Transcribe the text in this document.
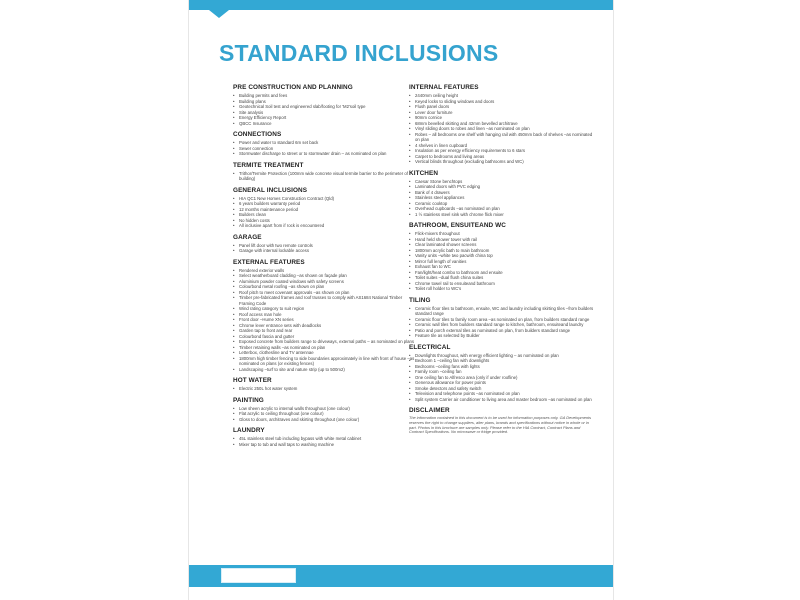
STANDARD INCLUSIONS
PRE CONSTRUCTION AND PLANNING
• Building permits and fees
• Building plans
• Geotechnical Soil test and engineered slab/footing for 'M2'soil type
• Site analysis
• Energy Efficiency Report
• QBCC Insurance
CONNECTIONS
• Power and water to standard 6m set back
• Sewer connection
• Stormwater discharge to street or to stormwater drain – as nominated on plan
TERMITE TREATMENT
• Trithor/Termite Protection (100mm wide concrete visual termite barrier to the perimeter of building)
GENERAL INCLUSIONS
• HIA QC1 New Homes Construction Contract (Qld)
• 6 years builders warranty period
• 12 months maintenance period
• Builders clean
• No hidden costs
• All inclusive apart from if rock is encountered
GARAGE
• Panel lift door with two remote controls
• Garage with internal lockable access
EXTERNAL FEATURES
• Rendered exterior walls
• Select weatherboard cladding –as shown on façade plan
• Aluminium powder coated windows with safety screens
• Colourbond metal roofing –as shown on plan
• Roof pitch to meet covenant approvals –as shown on plan
• Timber pre-fabricated frames and roof trusses to comply with AS1684 National Timber Framing Code
• Wind rating category to suit region
• Roof access man hole
• Front door –Hume XN series
• Chrome lever entrance sets with deadlocks
• Garden tap to front and rear
• Colourbond fascia and gutter
• Exposed concrete from builders range to driveways, external paths – as nominated on plans
• Timber retaining walls –as nominated on plan
• Letterbox, clothesline and TV antennae
• 1800mm high timber fencing to side boundaries approximately in line with front of house –as nominated on plans (or existing fences)
• Landscaping –turf to site and nature strip (up to 500m2)
HOT WATER
• Electric 250L hot water system
PAINTING
• Low sheen acrylic to internal walls throughout (one colour)
• Flat acrylic to ceiling throughout (one colour)
• Gloss to doors, architraves and skirting throughout (one colour)
LAUNDRY
• 45L stainless steel tub including bypass with white metal cabinet
• Mixer tap to tub and wall taps to washing machine
INTERNAL FEATURES
• 2440mm ceiling height
• Keyed locks to sliding windows and doors
• Flush panel doors
• Lever door furniture
• 90mm cornice
• 68mm bevelled skirting and 42mm bevelled architrave
• Vinyl sliding doors to robes and linen –as nominated on plan
• Robes – all bedrooms one shelf with hanging rail with 450mm back of shelves –as nominated on plan
• 4 shelves in linen cupboard
• Insulation as per energy efficiency requirements to 6 stars
• Carpet to bedrooms and living areas
• Vertical blinds throughout (excluding bathrooms and WC)
KITCHEN
• Caesar Stone benchtops
• Laminated doors with PVC edging
• Bank of 4 drawers
• Stainless steel appliances
• Ceramic cooktop
• Overhead cupboards –as nominated on plan
• 1 ½ stainless steel sink with chrome flick mixer
BATHROOM, ENSUITEAND WC
• Flick-mixers throughout
• Hand held shower tower with rail
• Clear laminated shower screens
• 1800mm acrylic bath to main bathroom
• Vanity units –white two pacwith china top
• Mirror full length of vanities
• Exhaust fan to WC
• Fan/light/heat combo to bathroom and ensuite
• Toilet suites –dual flush china suites
• Chrome towel rail to ensuiteand bathroom
• Toilet roll holder to WC's
TILING
• Ceramic floor tiles to bathroom, ensuite, WC and laundry including skirting tiles –from builders standard range
• Ceramic floor tiles to family room area –as nominated on plan, from builders standard range
• Ceramic wall tiles from builders standard range to kitchen, bathroom, ensuiteand laundry
• Patio and porch external tiles as nominated on plan, from builders standard range
• Feature tile as selected by Builder
ELECTRICAL
• Downlights throughout, with energy efficient lighting – as nominated on plan
• Bedroom 1 –ceiling fan with downlights
• Bedrooms –ceiling fans with lights
• Family room –ceiling fan
• One ceiling fan to Alfresco area (only if under roofline)
• Generous allowance for power points
• Smoke detectors and safety switch
• Television and telephone points –as nominated on plan
• Split system Carrier air conditioner to living area and master bedroom –as nominated on plan
DISCLAIMER

The information contained in this document is to be used for information purposes only. GA Developments reserves the right to change suppliers, alter plans, brands and specifications without notice in whole or in part. Photos in this brochure are samples only. Please refer to the HIA Contract, Contract Plans and Contract Specifications. No microwave or fridge provided.
